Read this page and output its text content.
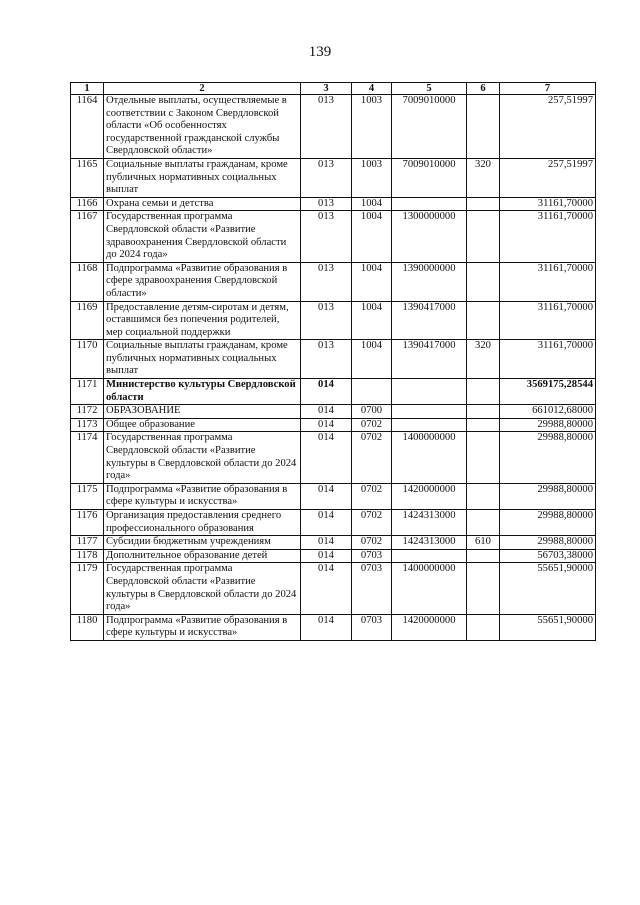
139
1	2	3	4	5	6	7
1164	Отдельные выплаты, осуществляемые в соответствии с Законом Свердловской области «Об особенностях государственной гражданской службы Свердловской области»	013	1003	7009010000		257,51997
1165	Социальные выплаты гражданам, кроме публичных нормативных социальных выплат	013	1003	7009010000	320	257,51997
1166	Охрана семьи и детства	013	1004			31161,70000
1167	Государственная программа Свердловской области «Развитие здравоохранения Свердловской области до 2024 года»	013	1004	1300000000		31161,70000
1168	Подпрограмма «Развитие образования в сфере здравоохранения Свердловской области»	013	1004	1390000000		31161,70000
1169	Предоставление детям-сиротам и детям, оставшимся без попечения родителей, мер социальной поддержки	013	1004	1390417000		31161,70000
1170	Социальные выплаты гражданам, кроме публичных нормативных социальных выплат	013	1004	1390417000	320	31161,70000
1171	Министерство культуры Свердловской области	014				3569175,28544
1172	ОБРАЗОВАНИЕ	014	0700			661012,68000
1173	Общее образование	014	0702			29988,80000
1174	Государственная программа Свердловской области «Развитие культуры в Свердловской области до 2024 года»	014	0702	1400000000		29988,80000
1175	Подпрограмма «Развитие образования в сфере культуры и искусства»	014	0702	1420000000		29988,80000
1176	Организация предоставления среднего профессионального образования	014	0702	1424313000		29988,80000
1177	Субсидии бюджетным учреждениям	014	0702	1424313000	610	29988,80000
1178	Дополнительное образование детей	014	0703			56703,38000
1179	Государственная программа Свердловской области «Развитие культуры в Свердловской области до 2024 года»	014	0703	1400000000		55651,90000
1180	Подпрограмма «Развитие образования в сфере культуры и искусства»	014	0703	1420000000		55651,90000
